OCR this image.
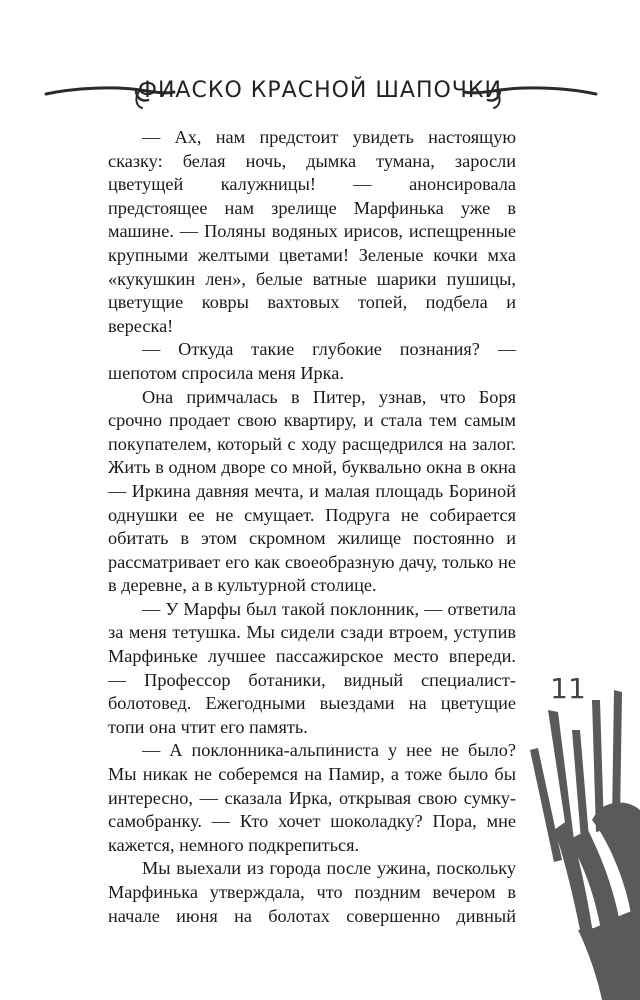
ФИАСКО КРАСНОЙ ШАПОЧКИ

— Ах, нам предстоит увидеть настоящую сказку: белая ночь, дымка тумана, заросли цветущей калужницы! — анонсировала предстоящее нам зрелище Марфинька уже в машине. — Поляны водяных ирисов, испещренные крупными желтыми цветами! Зеленые кочки мха «кукушкин лен», белые ватные шарики пушицы, цветущие ковры вахтовых топей, подбела и вереска!

— Откуда такие глубокие познания? — шепотом спросила меня Ирка.

Она примчалась в Питер, узнав, что Боря срочно продает свою квартиру, и стала тем самым покупателем, который с ходу расщедрился на залог. Жить в одном дворе со мной, буквально окна в окна — Иркина давняя мечта, и малая площадь Бориной однушки ее не смущает. Подруга не собирается обитать в этом скромном жилище постоянно и рассматривает его как своеобразную дачу, только не в деревне, а в культурной столице.

— У Марфы был такой поклонник, — ответила за меня тетушка. Мы сидели сзади втроем, уступив Марфиньке лучшее пассажирское место впереди. — Профессор ботаники, видный специалист-болотовед. Ежегодными выездами на цветущие топи она чтит его память.

— А поклонника-альпиниста у нее не было? Мы никак не соберемся на Памир, а тоже было бы интересно, — сказала Ирка, открывая свою сумку-самобранку. — Кто хочет шоколадку? Пора, мне кажется, немного подкрепиться.

Мы выехали из города после ужина, поскольку Марфинька утверждала, что поздним вечером в начале июня на болотах совершенно дивный

11
